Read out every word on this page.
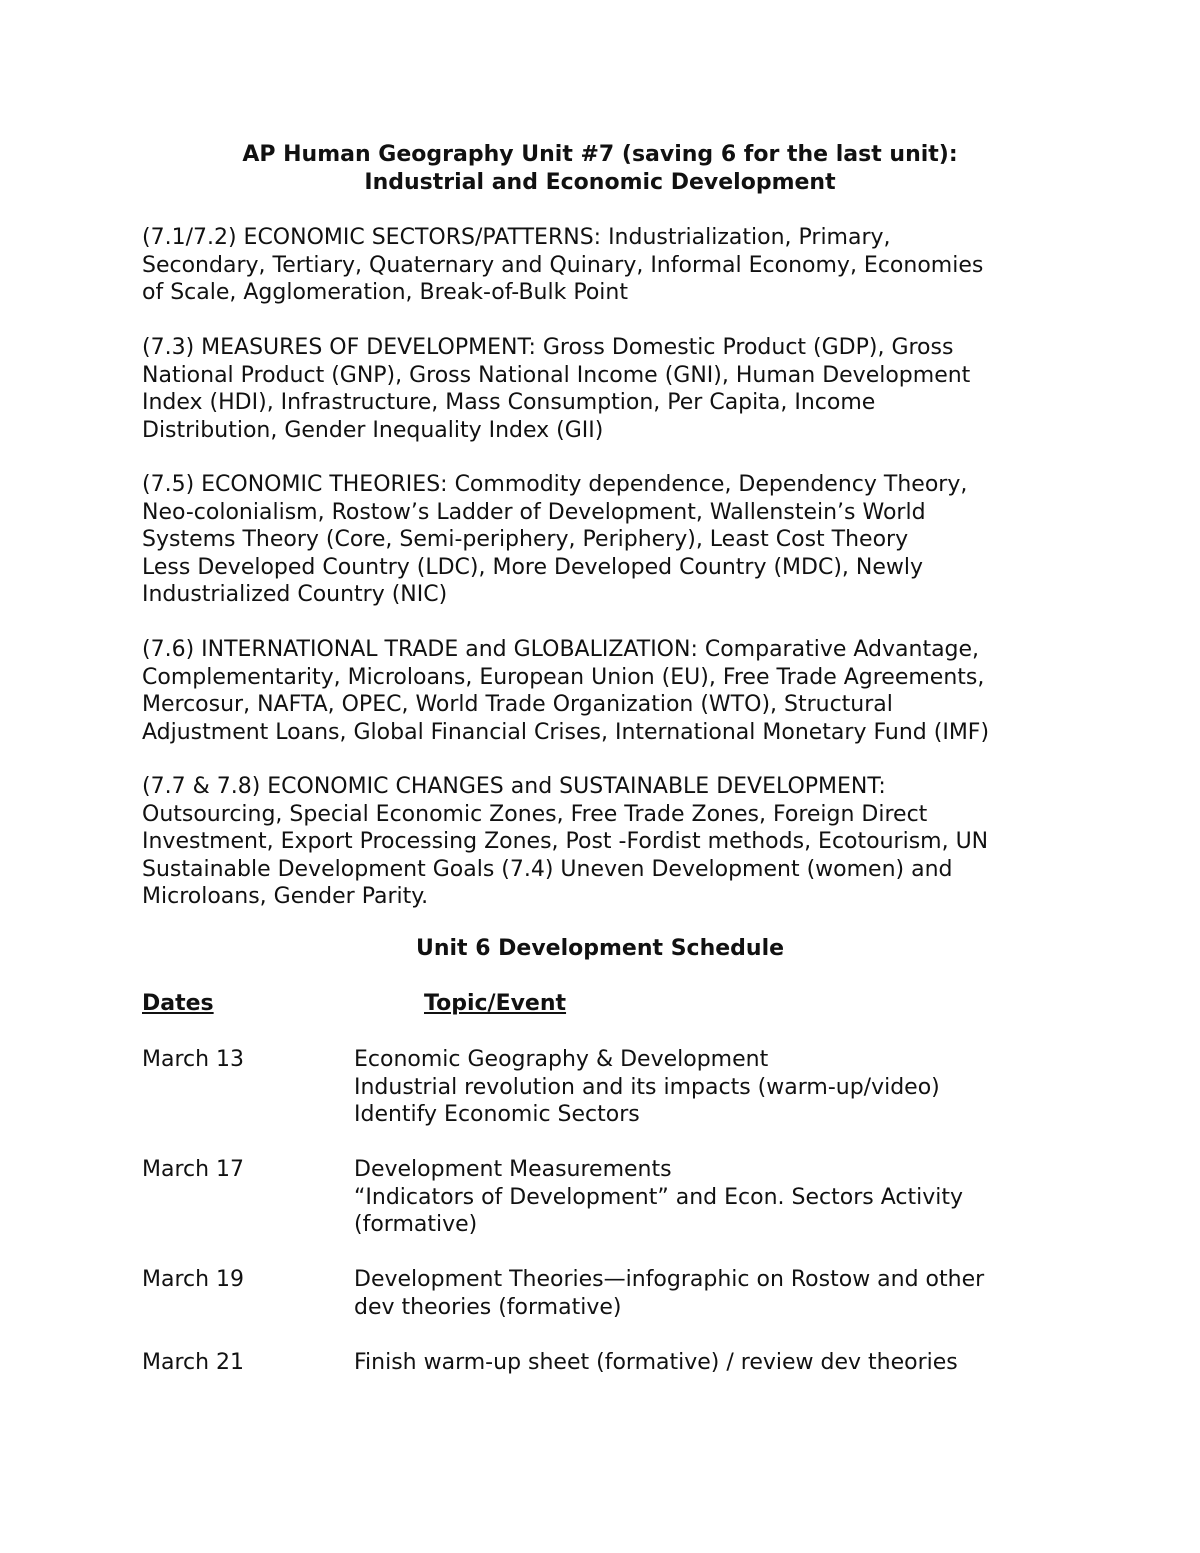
AP Human Geography Unit #7 (saving 6 for the last unit):
Industrial and Economic Development
(7.1/7.2) ECONOMIC SECTORS/PATTERNS: Industrialization, Primary,
Secondary, Tertiary, Quaternary and Quinary, Informal Economy, Economies
of Scale, Agglomeration, Break-of-Bulk Point
(7.3) MEASURES OF DEVELOPMENT: Gross Domestic Product (GDP), Gross
National Product (GNP), Gross National Income (GNI), Human Development
Index (HDI), Infrastructure, Mass Consumption, Per Capita, Income
Distribution, Gender Inequality Index (GII)
(7.5) ECONOMIC THEORIES: Commodity dependence, Dependency Theory,
Neo-colonialism, Rostow’s Ladder of Development, Wallenstein’s World
Systems Theory (Core, Semi-periphery, Periphery), Least Cost Theory
Less Developed Country (LDC), More Developed Country (MDC), Newly
Industrialized Country (NIC)
(7.6) INTERNATIONAL TRADE and GLOBALIZATION: Comparative Advantage,
Complementarity, Microloans, European Union (EU), Free Trade Agreements,
Mercosur, NAFTA, OPEC, World Trade Organization (WTO), Structural
Adjustment Loans, Global Financial Crises, International Monetary Fund (IMF)
(7.7 & 7.8) ECONOMIC CHANGES and SUSTAINABLE DEVELOPMENT:
Outsourcing, Special Economic Zones, Free Trade Zones, Foreign Direct
Investment, Export Processing Zones, Post -Fordist methods, Ecotourism, UN
Sustainable Development Goals (7.4) Uneven Development (women) and
Microloans, Gender Parity.
Unit 6 Development Schedule
Dates	Topic/Event
March 13	Economic Geography & Development
Industrial revolution and its impacts (warm-up/video)
Identify Economic Sectors
March 17	Development Measurements
“Indicators of Development” and Econ. Sectors Activity
(formative)
March 19	Development Theories—infographic on Rostow and other
dev theories (formative)
March 21	Finish warm-up sheet (formative) / review dev theories
